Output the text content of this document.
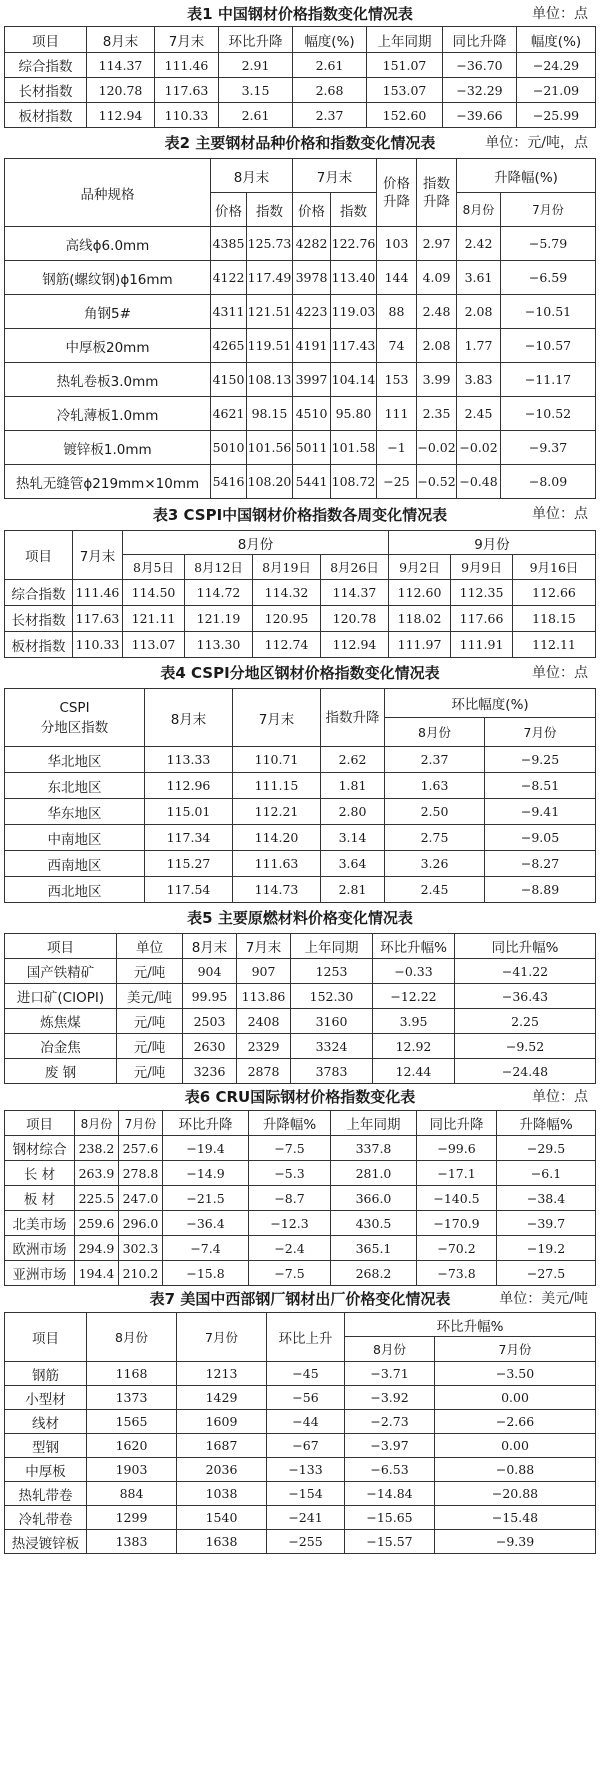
表1 中国钢材价格指数变化情况表	单位：点
项目	8月末	7月末	环比升降	幅度(%)	上年同期	同比升降	幅度(%)
综合指数	114.37	111.46	2.91	2.61	151.07	−36.70	−24.29
长材指数	120.78	117.63	3.15	2.68	153.07	−32.29	−21.09
板材指数	112.94	110.33	2.61	2.37	152.60	−39.66	−25.99
表2 主要钢材品种价格和指数变化情况表	单位：元/吨，点
品种规格	8月末		7月末		价格升降	指数升降	升降幅(%)	
	价格	指数	价格	指数			8月份	7月份
高线ϕ6.0mm	4385	125.73	4282	122.76	103	2.97	2.42	−5.79
钢筋(螺纹钢)ϕ16mm	4122	117.49	3978	113.40	144	4.09	3.61	−6.59
角钢5#	4311	121.51	4223	119.03	88	2.48	2.08	−10.51
中厚板20mm	4265	119.51	4191	117.43	74	2.08	1.77	−10.57
热轧卷板3.0mm	4150	108.13	3997	104.14	153	3.99	3.83	−11.17
冷轧薄板1.0mm	4621	98.15	4510	95.80	111	2.35	2.45	−10.52
镀锌板1.0mm	5010	101.56	5011	101.58	−1	−0.02	−0.02	−9.37
热轧无缝管ϕ219mm×10mm	5416	108.20	5441	108.72	−25	−0.52	−0.48	−8.09
表3 CSPI中国钢材价格指数各周变化情况表	单位：点
项目	7月末	8月份				9月份		
		8月5日	8月12日	8月19日	8月26日	9月2日	9月9日	9月16日
综合指数	111.46	114.50	114.72	114.32	114.37	112.60	112.35	112.66
长材指数	117.63	121.11	121.19	120.95	120.78	118.02	117.66	118.15
板材指数	110.33	113.07	113.30	112.74	112.94	111.97	111.91	112.11
表4 CSPI分地区钢材价格指数变化情况表	单位：点
CSPI
分地区指数	8月末	7月末	指数升降	环比幅度(%)	
				8月份	7月份
华北地区	113.33	110.71	2.62	2.37	−9.25
东北地区	112.96	111.15	1.81	1.63	−8.51
华东地区	115.01	112.21	2.80	2.50	−9.41
中南地区	117.34	114.20	3.14	2.75	−9.05
西南地区	115.27	111.63	3.64	3.26	−8.27
西北地区	117.54	114.73	2.81	2.45	−8.89
表5 主要原燃材料价格变化情况表
项目	单位	8月末	7月末	上年同期	环比升幅%	同比升幅%
国产铁精矿	元/吨	904	907	1253	−0.33	−41.22
进口矿(CIOPI)	美元/吨	99.95	113.86	152.30	−12.22	−36.43
炼焦煤	元/吨	2503	2408	3160	3.95	2.25
冶金焦	元/吨	2630	2329	3324	12.92	−9.52
废 钢	元/吨	3236	2878	3783	12.44	−24.48
表6 CRU国际钢材价格指数变化表	单位：点
项目	8月份	7月份	环比升降	升降幅%	上年同期	同比升降	升降幅%
钢材综合	238.2	257.6	−19.4	−7.5	337.8	−99.6	−29.5
长 材	263.9	278.8	−14.9	−5.3	281.0	−17.1	−6.1
板 材	225.5	247.0	−21.5	−8.7	366.0	−140.5	−38.4
北美市场	259.6	296.0	−36.4	−12.3	430.5	−170.9	−39.7
欧洲市场	294.9	302.3	−7.4	−2.4	365.1	−70.2	−19.2
亚洲市场	194.4	210.2	−15.8	−7.5	268.2	−73.8	−27.5
表7 美国中西部钢厂钢材出厂价格变化情况表	单位：美元/吨
项目	8月份	7月份	环比上升	环比升幅%	
				8月份	7月份
钢筋	1168	1213	−45	−3.71	−3.50
小型材	1373	1429	−56	−3.92	0.00
线材	1565	1609	−44	−2.73	−2.66
型钢	1620	1687	−67	−3.97	0.00
中厚板	1903	2036	−133	−6.53	−0.88
热轧带卷	884	1038	−154	−14.84	−20.88
冷轧带卷	1299	1540	−241	−15.65	−15.48
热浸镀锌板	1383	1638	−255	−15.57	−9.39
